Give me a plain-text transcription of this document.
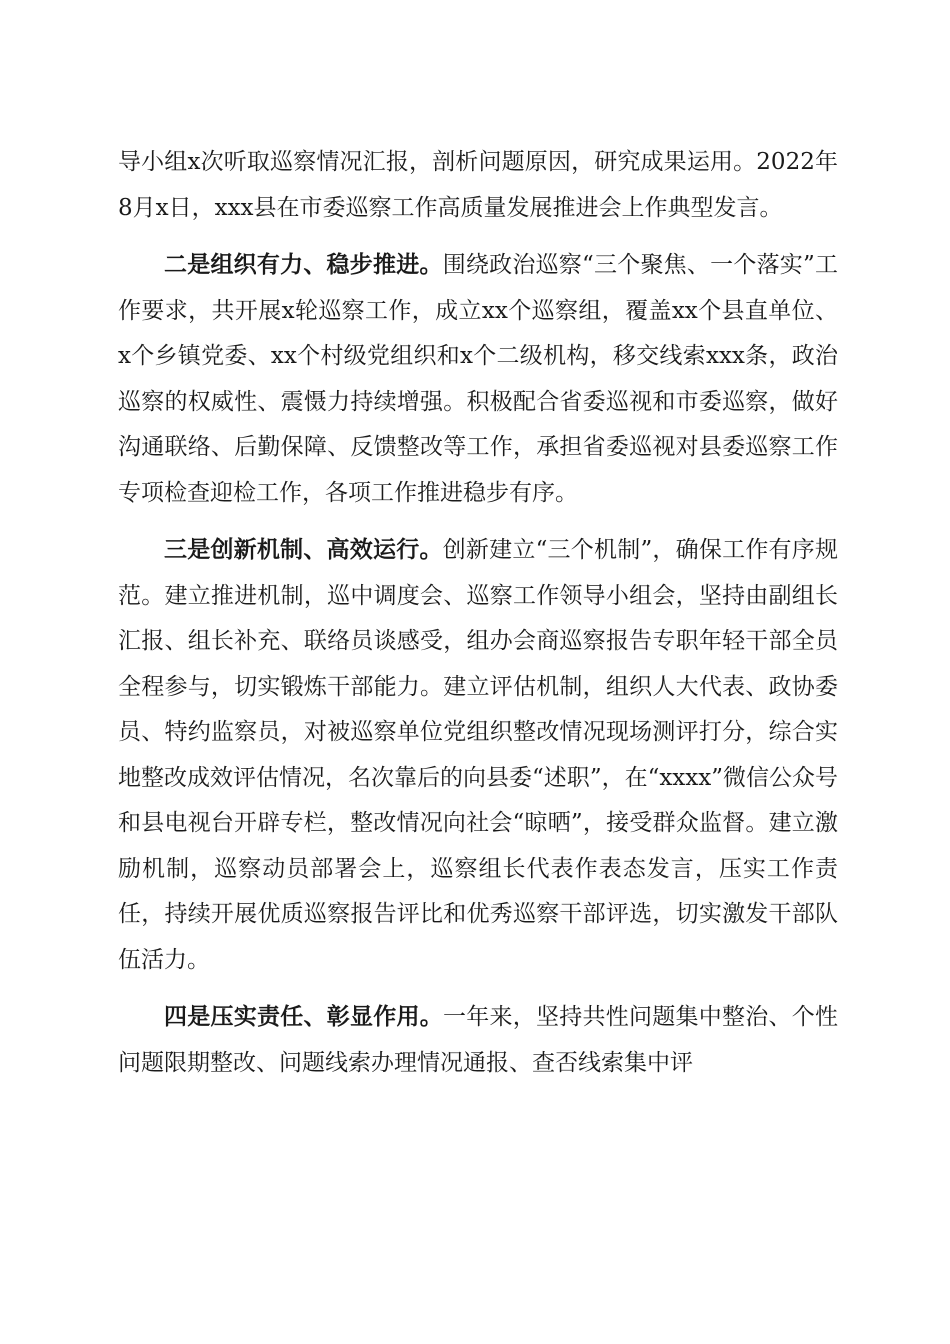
导小组x次听取巡察情况汇报，剖析问题原因，研究成果运用。2022年8月x日，xxx县在市委巡察工作高质量发展推进会上作典型发言。

二是组织有力、稳步推进。围绕政治巡察“三个聚焦、一个落实”工作要求，共开展x轮巡察工作，成立xx个巡察组，覆盖xx个县直单位、x个乡镇党委、xx个村级党组织和x个二级机构，移交线索xxx条，政治巡察的权威性、震慑力持续增强。积极配合省委巡视和市委巡察，做好沟通联络、后勤保障、反馈整改等工作，承担省委巡视对县委巡察工作专项检查迎检工作，各项工作推进稳步有序。

三是创新机制、高效运行。创新建立“三个机制”，确保工作有序规范。建立推进机制，巡中调度会、巡察工作领导小组会，坚持由副组长汇报、组长补充、联络员谈感受，组办会商巡察报告专职年轻干部全员全程参与，切实锻炼干部能力。建立评估机制，组织人大代表、政协委员、特约监察员，对被巡察单位党组织整改情况现场测评打分，综合实地整改成效评估情况，名次靠后的向县委“述职”，在“xxxx”微信公众号和县电视台开辟专栏，整改情况向社会“晾晒”，接受群众监督。建立激励机制，巡察动员部署会上，巡察组长代表作表态发言，压实工作责任，持续开展优质巡察报告评比和优秀巡察干部评选，切实激发干部队伍活力。

四是压实责任、彰显作用。一年来，坚持共性问题集中整治、个性问题限期整改、问题线索办理情况通报、查否线索集中评
